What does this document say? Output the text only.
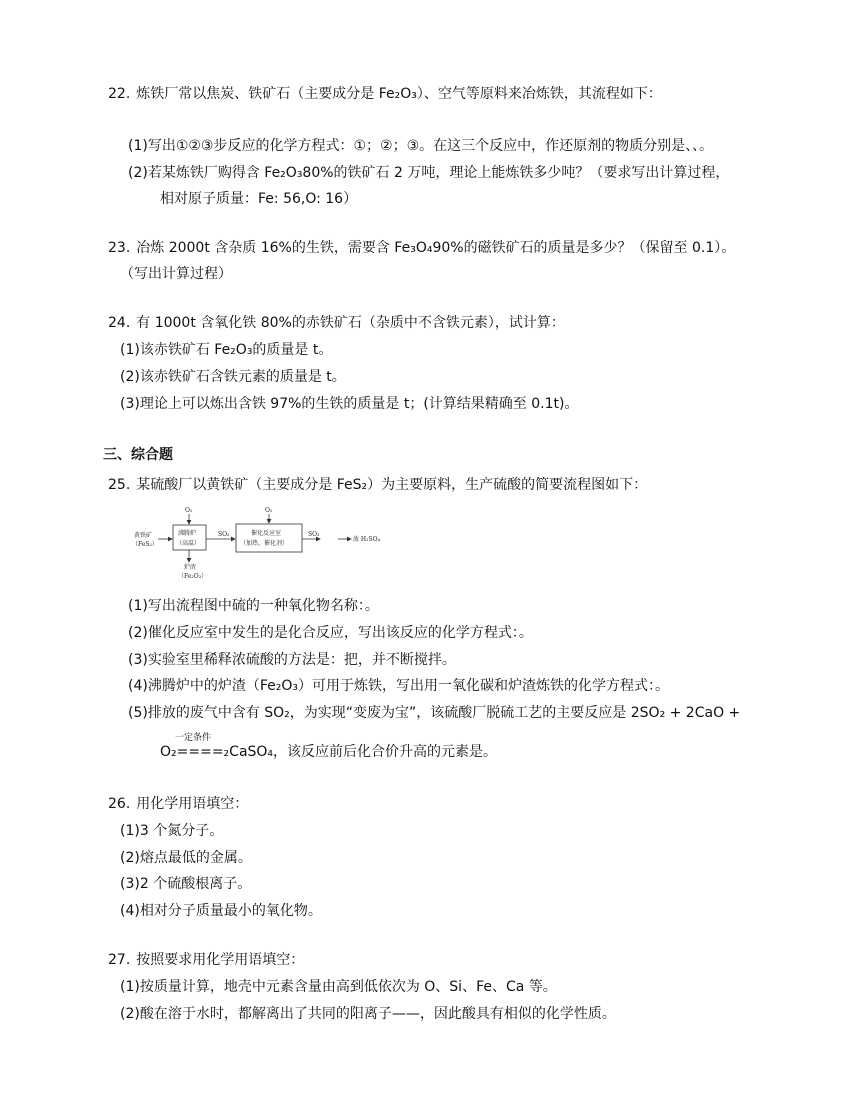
22. 炼铁厂常以焦炭、铁矿石（主要成分是 Fe₂O₃）、空气等原料来冶炼铁，其流程如下：
(1)写出①②③步反应的化学方程式：①；②；③。在这三个反应中，作还原剂的物质分别是、、。
(2)若某炼铁厂购得含 Fe₂O₃80%的铁矿石 2 万吨，理论上能炼铁多少吨？（要求写出计算过程，
相对原子质量：Fe: 56,O: 16）
23. 冶炼 2000t 含杂质 16%的生铁，需要含 Fe₃O₄90%的磁铁矿石的质量是多少？（保留至 0.1）。
（写出计算过程）
24. 有 1000t 含氧化铁 80%的赤铁矿石（杂质中不含铁元素），试计算：
(1)该赤铁矿石 Fe₂O₃的质量是 t。
(2)该赤铁矿石含铁元素的质量是 t。
(3)理论上可以炼出含铁 97%的生铁的质量是 t；(计算结果精确至 0.1t)。
三、综合题
25. 某硫酸厂以黄铁矿（主要成分是 FeS₂）为主要原料，生产硫酸的简要流程图如下：
黄铁矿
（FeS₂）
沸腾炉
（高温）
O₂
炉渣
（Fe₂O₃）
SO₂	催化反应室
（加热、催化剂）
O₂
SO₃
浓 H₂SO₄
(1)写出流程图中硫的一种氧化物名称：。
(2)催化反应室中发生的是化合反应，写出该反应的化学方程式：。
(3)实验室里稀释浓硫酸的方法是：把，并不断搅拌。
(4)沸腾炉中的炉渣（Fe₂O₃）可用于炼铁，写出用一氧化碳和炉渣炼铁的化学方程式：。
(5)排放的废气中含有 SO₂，为实现“变废为宝”，该硫酸厂脱硫工艺的主要反应是 2SO₂ + 2CaO +
一定条件
O₂====₂CaSO₄，该反应前后化合价升高的元素是。
26. 用化学用语填空：
(1)3 个氮分子。
(2)熔点最低的金属。
(3)2 个硫酸根离子。
(4)相对分子质量最小的氧化物。
27. 按照要求用化学用语填空：
(1)按质量计算，地壳中元素含量由高到低依次为 O、Si、Fe、Ca 等。
(2)酸在溶于水时，都解离出了共同的阳离子——，因此酸具有相似的化学性质。
